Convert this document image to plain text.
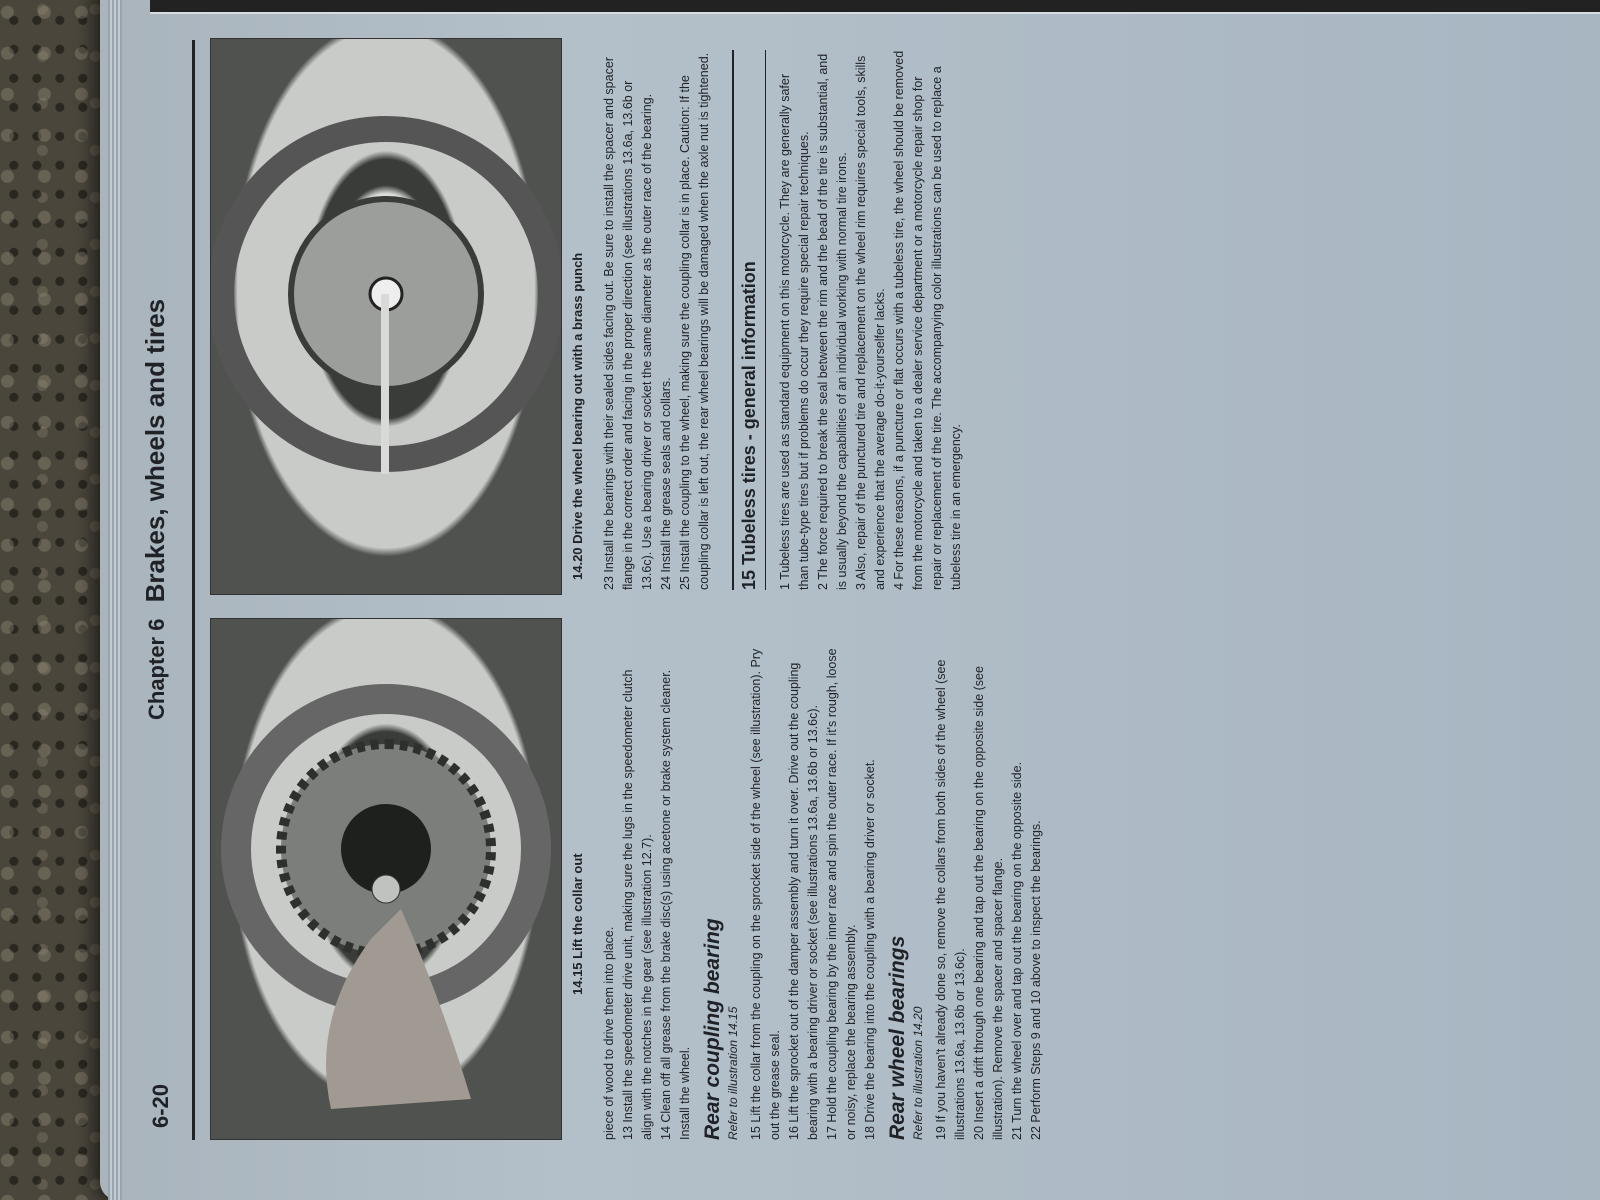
6-20
Chapter 6 Brakes, wheels and tires
14.15 Lift the collar out
14.20 Drive the wheel bearing out with a brass punch

piece of wood to drive them into place. 13 Install the speedometer drive unit, making sure the lugs in the speedometer clutch align with the notches in the gear (see illustration 12.7). 14 Clean off all grease from the brake disc(s) using acetone or brake system cleaner. Install the wheel. Rear coupling bearing Refer to illustration 14.15 15 Lift the collar from the coupling on the sprocket side of the wheel (see illustration). Pry out the grease seal. 16 Lift the sprocket out of the damper assembly and turn it over. Drive out the coupling bearing with a bearing driver or socket (see illustrations 13.6a, 13.6b or 13.6c). 17 Hold the coupling bearing by the inner race and spin the outer race. If it's rough, loose or noisy, replace the bearing assembly. 18 Drive the bearing into the coupling with a bearing driver or socket. Rear wheel bearings Refer to illustration 14.20 19 If you haven't already done so, remove the collars from both sides of the wheel (see illustrations 13.6a, 13.6b or 13.6c). 20 Insert a drift through one bearing and tap out the bearing on the opposite side (see illustration). Remove the spacer and spacer flange. 21 Turn the wheel over and tap out the bearing on the opposite side. 22 Perform Steps 9 and 10 above to inspect the bearings.

23 Install the bearings with their sealed sides facing out. Be sure to install the spacer and spacer flange in the correct order and facing in the proper direction (see illustrations 13.6a, 13.6b or 13.6c). Use a bearing driver or socket the same diameter as the outer race of the bearing. 24 Install the grease seals and collars. 25 Install the coupling to the wheel, making sure the coupling collar is in place. Caution: If the coupling collar is left out, the rear wheel bearings will be damaged when the axle nut is tightened. 15 Tubeless tires - general information 1 Tubeless tires are used as standard equipment on this motorcycle. They are generally safer than tube-type tires but if problems do occur they require special repair techniques. 2 The force required to break the seal between the rim and the bead of the tire is substantial, and is usually beyond the capabilities of an individual working with normal tire irons. 3 Also, repair of the punctured tire and replacement on the wheel rim requires special tools, skills and experience that the average do-it-yourselfer lacks. 4 For these reasons, if a puncture or flat occurs with a tubeless tire, the wheel should be removed from the motorcycle and taken to a dealer service department or a motorcycle repair shop for repair or replacement of the tire. The accompanying color illustrations can be used to replace a tubeless tire in an emergency.
